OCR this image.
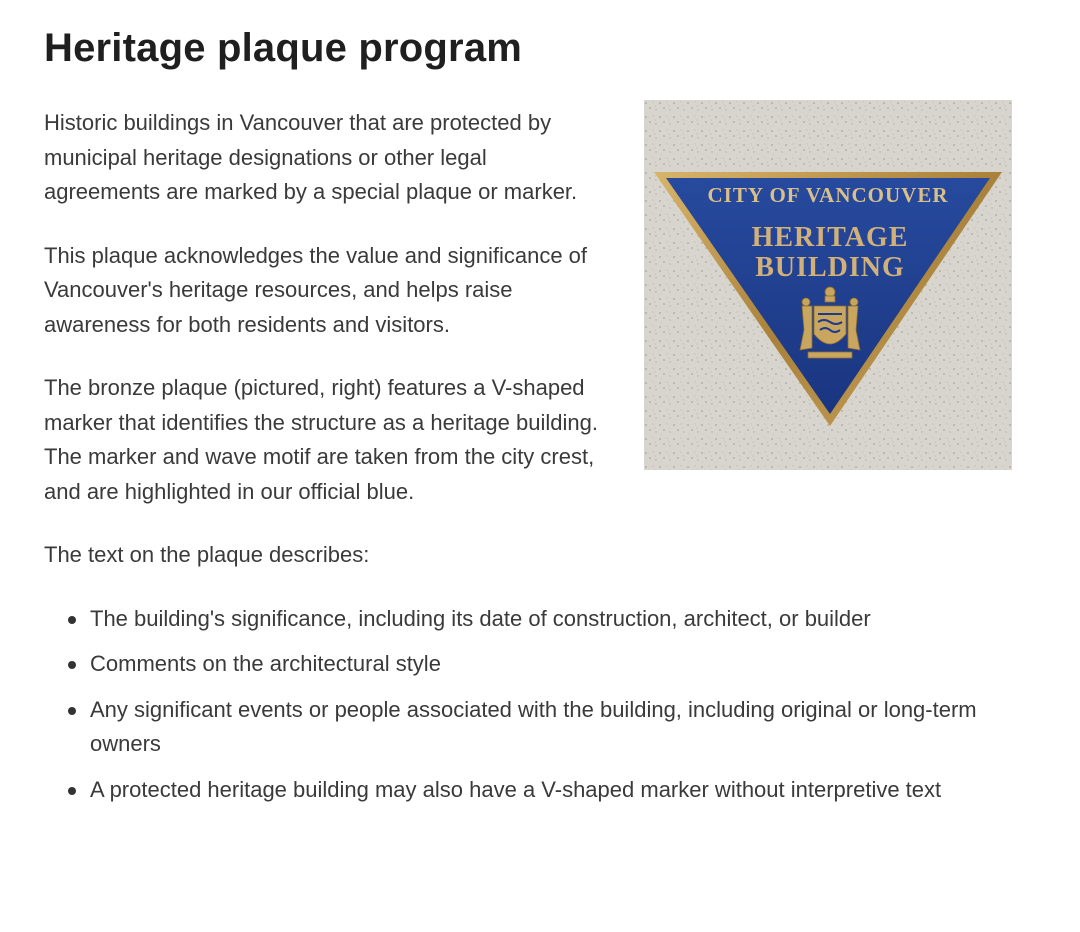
Heritage plaque program
CITY OF VANCOUVER
HERITAGE
BUILDING

Historic buildings in Vancouver that are protected by municipal heritage designations or other legal agreements are marked by a special plaque or marker.

This plaque acknowledges the value and significance of Vancouver's heritage resources, and helps raise awareness for both residents and visitors.

The bronze plaque (pictured, right) features a V-shaped marker that identifies the structure as a heritage building. The marker and wave motif are taken from the city crest, and are highlighted in our official blue.

The text on the plaque describes:

The building's significance, including its date of construction, architect, or builder
Comments on the architectural style
Any significant events or people associated with the building, including original or long-term owners
A protected heritage building may also have a V-shaped marker without interpretive text
